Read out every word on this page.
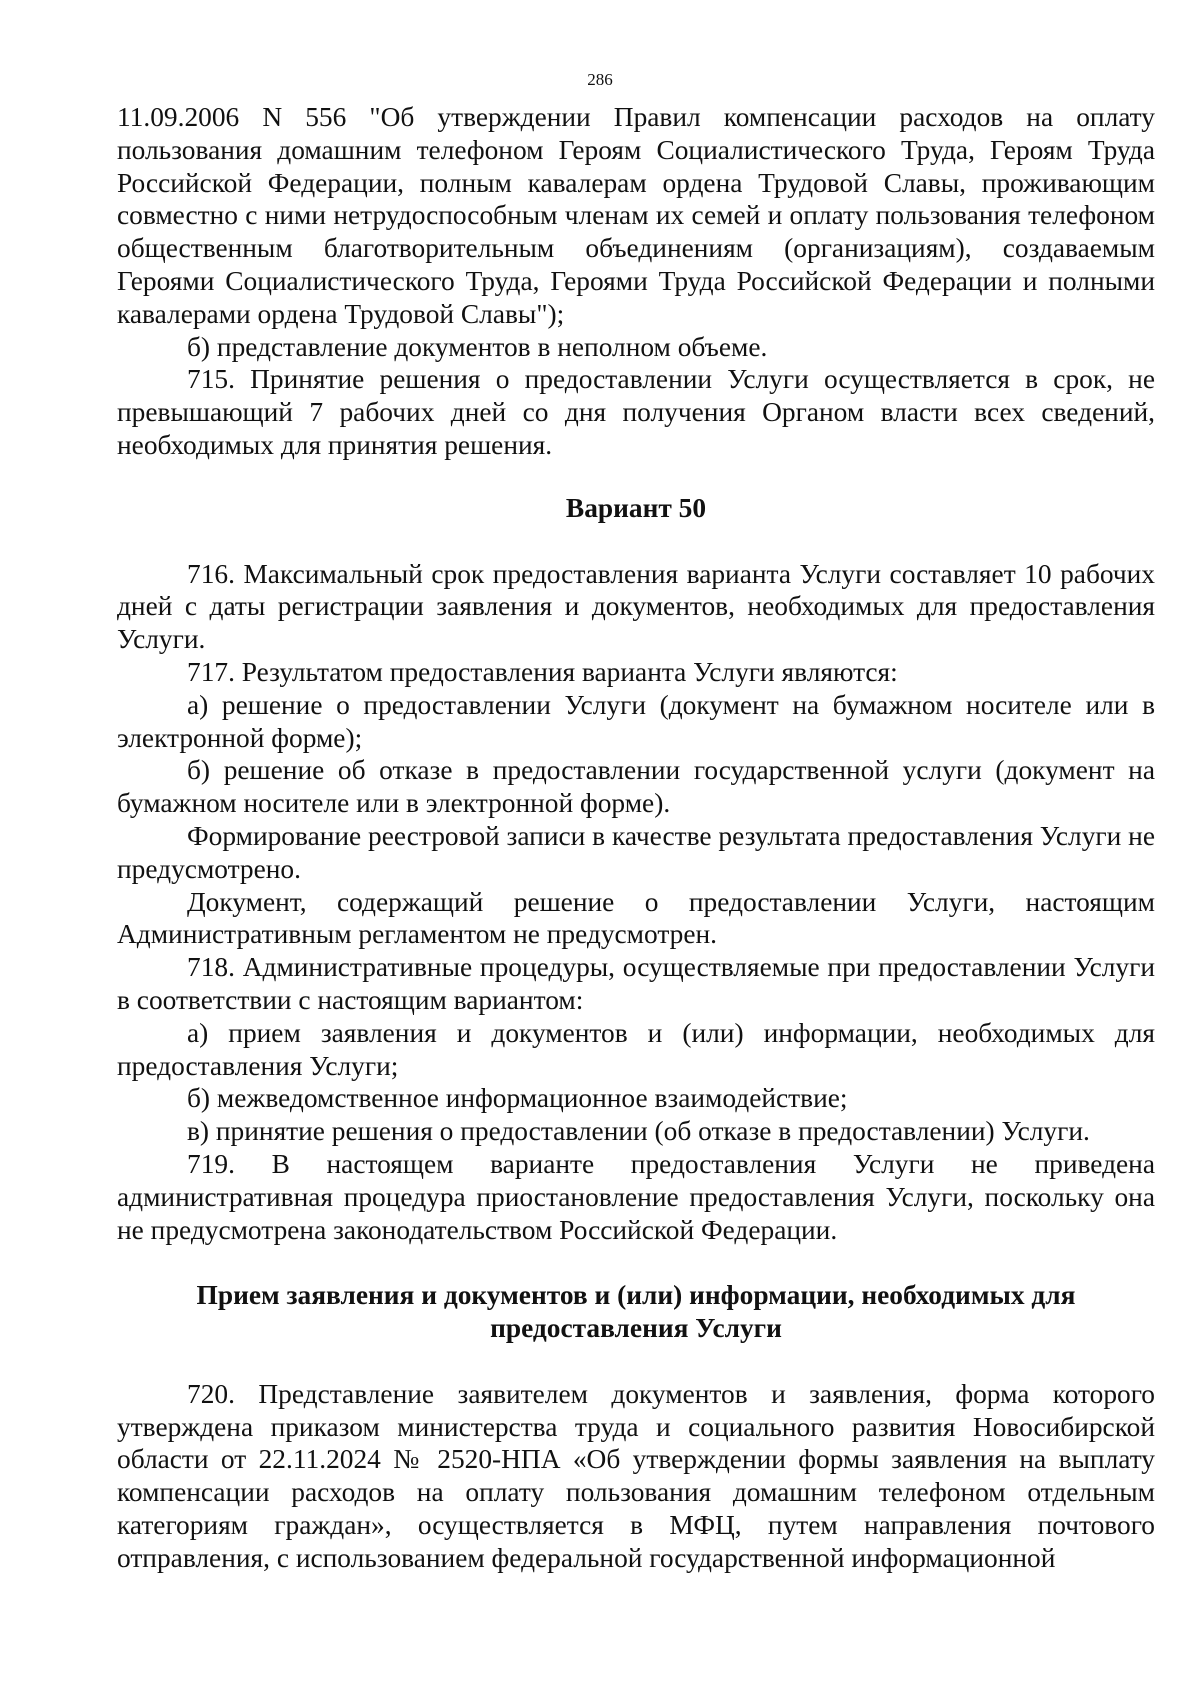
286

11.09.2006 N 556 "Об утверждении Правил компенсации расходов на оплату пользования домашним телефоном Героям Социалистического Труда, Героям Труда Российской Федерации, полным кавалерам ордена Трудовой Славы, проживающим совместно с ними нетрудоспособным членам их семей и оплату пользования телефоном общественным благотворительным объединениям (организациям), создаваемым Героями Социалистического Труда, Героями Труда Российской Федерации и полными кавалерами ордена Трудовой Славы");

б) представление документов в неполном объеме.

715. Принятие решения о предоставлении Услуги осуществляется в срок, не превышающий 7 рабочих дней со дня получения Органом власти всех сведений, необходимых для принятия решения.

Вариант 50

716. Максимальный срок предоставления варианта Услуги составляет 10 рабочих дней с даты регистрации заявления и документов, необходимых для предоставления Услуги.

717. Результатом предоставления варианта Услуги являются:

а) решение о предоставлении Услуги (документ на бумажном носителе или в электронной форме);

б) решение об отказе в предоставлении государственной услуги (документ на бумажном носителе или в электронной форме).

Формирование реестровой записи в качестве результата предоставления Услуги не предусмотрено.

Документ, содержащий решение о предоставлении Услуги, настоящим Административным регламентом не предусмотрен.

718. Административные процедуры, осуществляемые при предоставлении Услуги в соответствии с настоящим вариантом:

а) прием заявления и документов и (или) информации, необходимых для предоставления Услуги;

б) межведомственное информационное взаимодействие;

в) принятие решения о предоставлении (об отказе в предоставлении) Услуги.

719. В настоящем варианте предоставления Услуги не приведена административная процедура приостановление предоставления Услуги, поскольку она не предусмотрена законодательством Российской Федерации.

Прием заявления и документов и (или) информации, необходимых для

предоставления Услуги

720. Представление заявителем документов и заявления, форма которого утверждена приказом министерства труда и социального развития Новосибирской области от 22.11.2024 № 2520-НПА «Об утверждении формы заявления на выплату компенсации расходов на оплату пользования домашним телефоном отдельным категориям граждан», осуществляется в МФЦ, путем направления почтового отправления, с использованием федеральной государственной информационной
